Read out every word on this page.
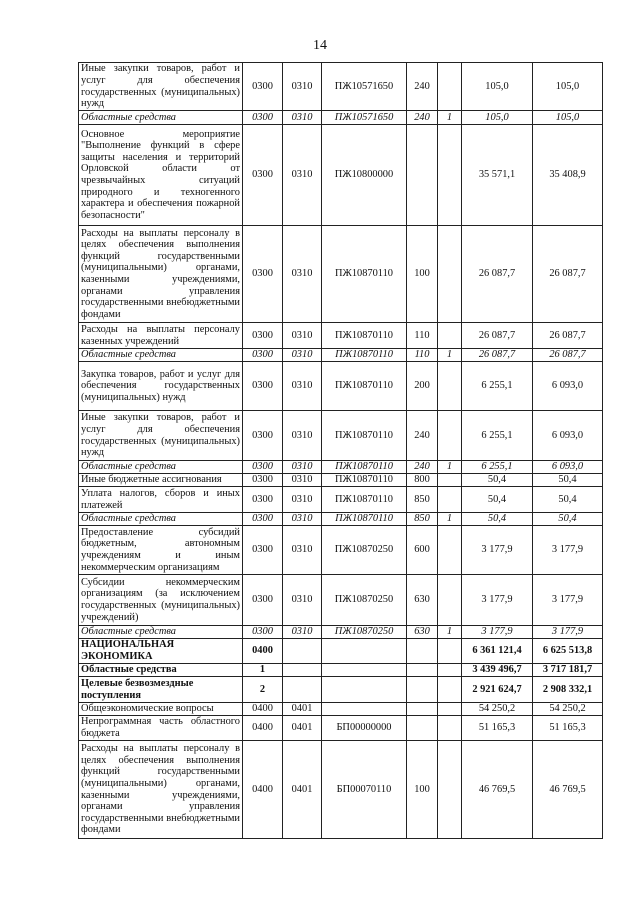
14
Иные закупки товаров, работ и услуг для обеспечения государственных (муниципальных) нужд	0300	0310	ПЖ10571650	240		105,0	105,0
Областные средства	0300	0310	ПЖ10571650	240	1	105,0	105,0
Основное мероприятие "Выполнение функций в сфере защиты населения и территорий Орловской области от чрезвычайных ситуаций природного и техногенного характера и обеспечения пожарной безопасности"	0300	0310	ПЖ10800000			35 571,1	35 408,9
Расходы на выплаты персоналу в целях обеспечения выполнения функций государственными (муниципальными) органами, казенными учреждениями, органами управления государственными внебюджетными фондами	0300	0310	ПЖ10870110	100		26 087,7	26 087,7
Расходы на выплаты персоналу казенных учреждений	0300	0310	ПЖ10870110	110		26 087,7	26 087,7
Областные средства	0300	0310	ПЖ10870110	110	1	26 087,7	26 087,7
Закупка товаров, работ и услуг для обеспечения государственных (муниципальных) нужд	0300	0310	ПЖ10870110	200		6 255,1	6 093,0
Иные закупки товаров, работ и услуг для обеспечения государственных (муниципальных) нужд	0300	0310	ПЖ10870110	240		6 255,1	6 093,0
Областные средства	0300	0310	ПЖ10870110	240	1	6 255,1	6 093,0
Иные бюджетные ассигнования	0300	0310	ПЖ10870110	800		50,4	50,4
Уплата налогов, сборов и иных платежей	0300	0310	ПЖ10870110	850		50,4	50,4
Областные средства	0300	0310	ПЖ10870110	850	1	50,4	50,4
Предоставление субсидий бюджетным, автономным учреждениям и иным некоммерческим организациям	0300	0310	ПЖ10870250	600		3 177,9	3 177,9
Субсидии некоммерческим организациям (за исключением государственных (муниципальных) учреждений)	0300	0310	ПЖ10870250	630		3 177,9	3 177,9
Областные средства	0300	0310	ПЖ10870250	630	1	3 177,9	3 177,9
НАЦИОНАЛЬНАЯ ЭКОНОМИКА	0400					6 361 121,4	6 625 513,8
Областные средства	1					3 439 496,7	3 717 181,7
Целевые безвозмездные поступления	2					2 921 624,7	2 908 332,1
Общеэкономические вопросы	0400	0401				54 250,2	54 250,2
Непрограммная часть областного бюджета	0400	0401	БП00000000			51 165,3	51 165,3
Расходы на выплаты персоналу в целях обеспечения выполнения функций государственными (муниципальными) органами, казенными учреждениями, органами управления государственными внебюджетными фондами	0400	0401	БП00070110	100		46 769,5	46 769,5
